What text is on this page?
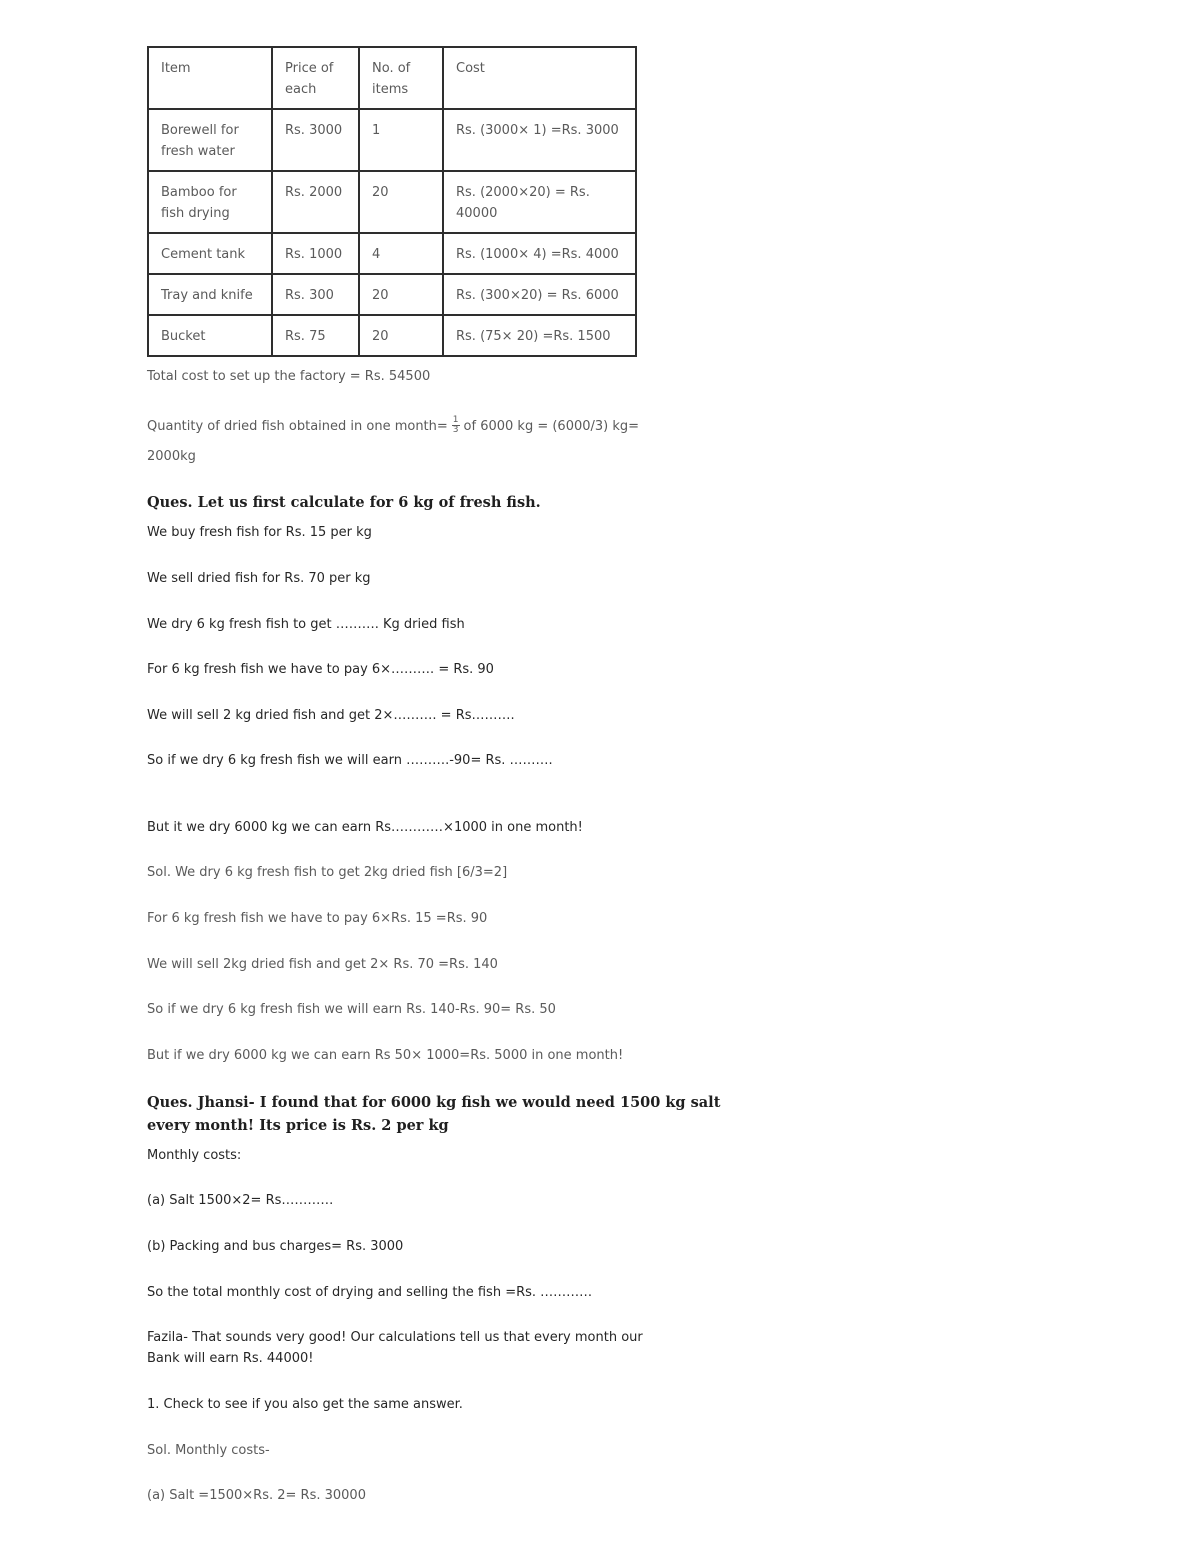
Item	Price of each	No. of items	Cost
Borewell for fresh water	Rs. 3000	1	Rs. (3000× 1) =Rs. 3000
Bamboo for fish drying	Rs. 2000	20	Rs. (2000×20) = Rs. 40000
Cement tank	Rs. 1000	4	Rs. (1000× 4) =Rs. 4000
Tray and knife	Rs. 300	20	Rs. (300×20) = Rs. 6000
Bucket	Rs. 75	20	Rs. (75× 20) =Rs. 1500

Total cost to set up the factory = Rs. 54500

Quantity of dried fish obtained in one month= $\frac{1}{3}$ of 6000 kg = (6000/3) kg=

2000kg

Ques. Let us first calculate for 6 kg of fresh fish.

We buy fresh fish for Rs. 15 per kg

We sell dried fish for Rs. 70 per kg

We dry 6 kg fresh fish to get ………. Kg dried fish

For 6 kg fresh fish we have to pay 6×………. = Rs. 90

We will sell 2 kg dried fish and get 2×………. = Rs……….

So if we dry 6 kg fresh fish we will earn ……….-90= Rs. ……….

But it we dry 6000 kg we can earn Rs…………×1000 in one month!

Sol. We dry 6 kg fresh fish to get 2kg dried fish [6/3=2]

For 6 kg fresh fish we have to pay 6×Rs. 15 =Rs. 90

We will sell 2kg dried fish and get 2× Rs. 70 =Rs. 140

So if we dry 6 kg fresh fish we will earn Rs. 140-Rs. 90= Rs. 50

But if we dry 6000 kg we can earn Rs 50× 1000=Rs. 5000 in one month!

Ques. Jhansi- I found that for 6000 kg fish we would need 1500 kg salt

every month! Its price is Rs. 2 per kg

Monthly costs:

(a) Salt 1500×2= Rs…………

(b) Packing and bus charges= Rs. 3000

So the total monthly cost of drying and selling the fish =Rs. …………

Fazila- That sounds very good! Our calculations tell us that every month our

Bank will earn Rs. 44000!

1. Check to see if you also get the same answer.

Sol. Monthly costs-

(a) Salt =1500×Rs. 2= Rs. 30000
